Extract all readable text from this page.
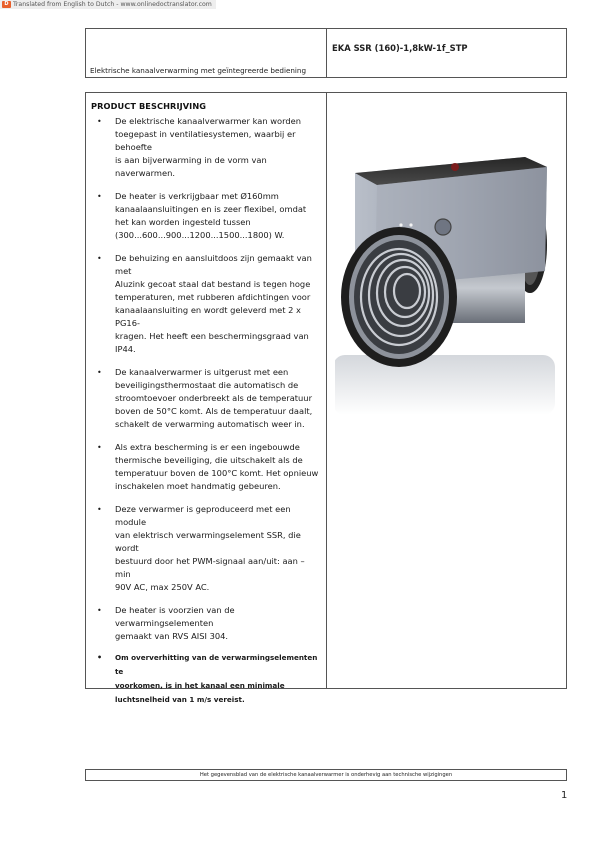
D Translated from English to Dutch - www.onlinedoctranslator.com
Elektrische kanaalverwarming met geïntegreerde bediening
EKA SSR (160)-1,8kW-1f_STP
PRODUCT BESCHRIJVING
• De elektrische kanaalverwarmer kan worden
toegepast in ventilatiesystemen, waarbij er behoefte
is aan bijverwarming in de vorm van naverwarmen.
• De heater is verkrijgbaar met Ø160mm
kanaalaansluitingen en is zeer flexibel, omdat
het kan worden ingesteld tussen
(300...600...900...1200...1500...1800) W.
• De behuizing en aansluitdoos zijn gemaakt van met
Aluzink gecoat staal dat bestand is tegen hoge
temperaturen, met rubberen afdichtingen voor
kanaalaansluiting en wordt geleverd met 2 x PG16-
kragen. Het heeft een beschermingsgraad van IP44.
• De kanaalverwarmer is uitgerust met een
beveiligingsthermostaat die automatisch de
stroomtoevoer onderbreekt als de temperatuur
boven de 50°C komt. Als de temperatuur daalt,
schakelt de verwarming automatisch weer in.
• Als extra bescherming is er een ingebouwde
thermische beveiliging, die uitschakelt als de
temperatuur boven de 100°C komt. Het opnieuw
inschakelen moet handmatig gebeuren.
• Deze verwarmer is geproduceerd met een module
van elektrisch verwarmingselement SSR, die wordt
bestuurd door het PWM-signaal aan/uit: aan – min
90V AC, max 250V AC.
• De heater is voorzien van de verwarmingselementen
gemaakt van RVS AISI 304.
• Om oververhitting van de verwarmingselementen te
voorkomen, is in het kanaal een minimale
luchtsnelheid van 1 m/s vereist.
Het gegevensblad van de elektrische kanaalverwarmer is onderhevig aan technische wijzigingen
1
